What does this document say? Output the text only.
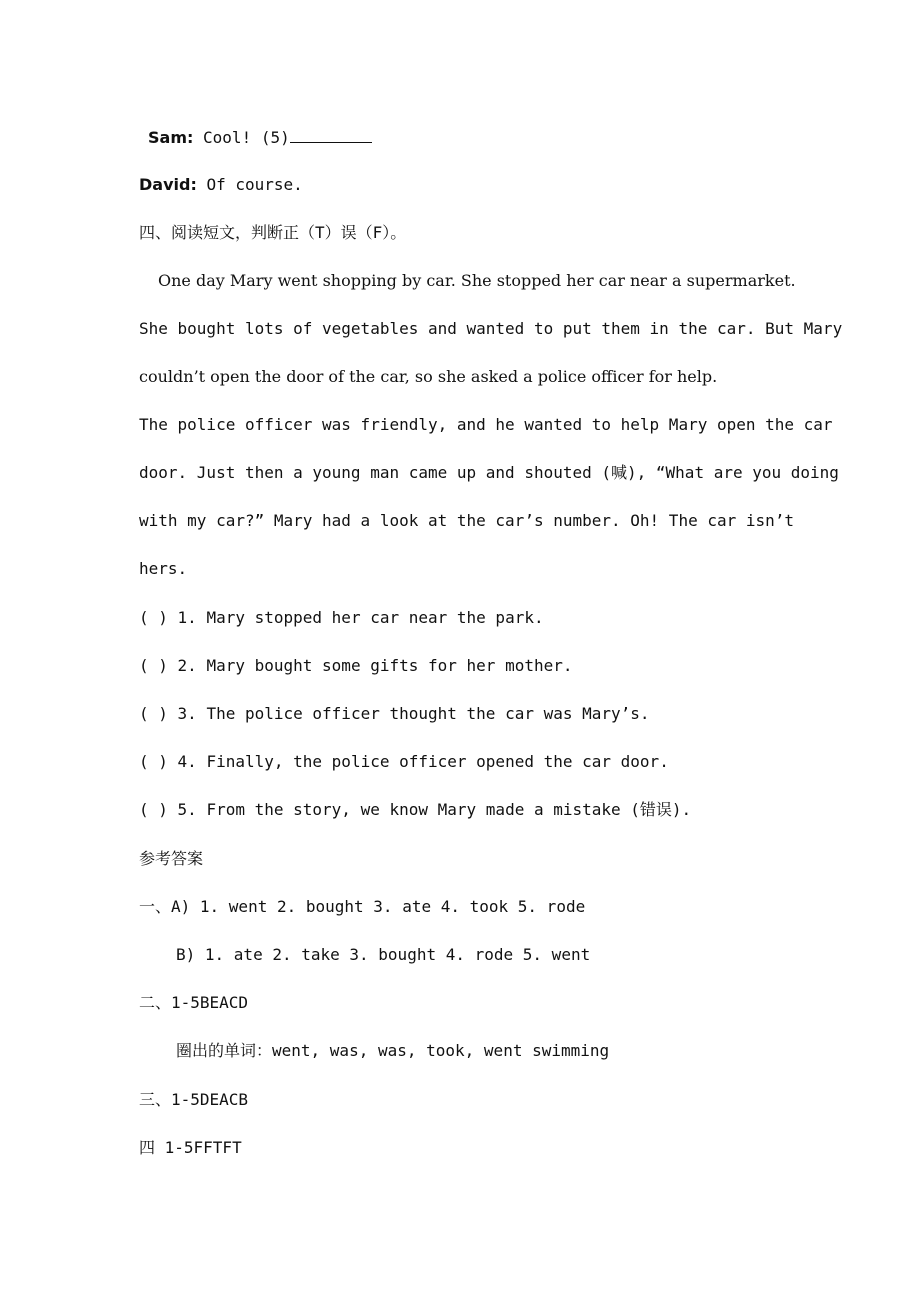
Sam: Cool! (5)
David: Of course.
四、阅读短文，判断正（T）误（F）。
One day Mary went shopping by car. She stopped her car near a supermarket.
She bought lots of vegetables and wanted to put them in the car. But Mary
couldn’t open the door of the car, so she asked a police officer for help.
The police officer was friendly, and he wanted to help Mary open the car
door. Just then a young man came up and shouted (喊), “What are you doing
with my car?” Mary had a look at the car’s number. Oh! The car isn’t
hers.
( ) 1. Mary stopped her car near the park.
( ) 2. Mary bought some gifts for her mother.
( ) 3. The police officer thought the car was Mary’s.
( ) 4. Finally, the police officer opened the car door.
( ) 5. From the story, we know Mary made a mistake (错误).
参考答案
一、A) 1. went 2. bought 3. ate 4. took 5. rode
B) 1. ate 2. take 3. bought 4. rode 5. went
二、1-5BEACD
圈出的单词：went, was, was, took, went swimming
三、1-5DEACB
四 1-5FFTFT
